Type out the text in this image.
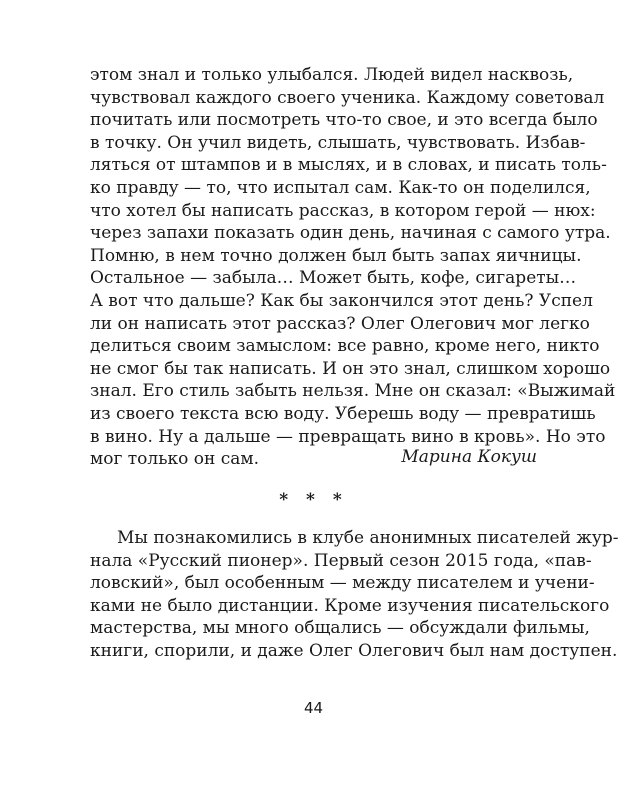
этом знал и только улыбался. Людей видел насквозь,
чувствовал каждого своего ученика. Каждому советовал
почитать или посмотреть что-то свое, и это всегда было
в точку. Он учил видеть, слышать, чувствовать. Избав-
ляться от штампов и в мыслях, и в словах, и писать толь-
ко правду — то, что испытал сам. Как-то он поделился,
что хотел бы написать рассказ, в котором герой — нюх:
через запахи показать один день, начиная с самого утра.
Помню, в нем точно должен был быть запах яичницы.
Остальное — забыла… Может быть, кофе, сигареты…
А вот что дальше? Как бы закончился этот день? Успел
ли он написать этот рассказ? Олег Олегович мог легко
делиться своим замыслом: все равно, кроме него, никто
не смог бы так написать. И он это знал, слишком хорошо
знал. Его стиль забыть нельзя. Мне он сказал: «Выжимай
из своего текста всю воду. Уберешь воду — превратишь
в вино. Ну а дальше — превращать вино в кровь». Но это
мог только он сам.	Марина Кокуш
* * *
Мы познакомились в клубе анонимных писателей жур-
нала «Русский пионер». Первый сезон 2015 года, «пав-
ловский», был особенным — между писателем и учени-
ками не было дистанции. Кроме изучения писательского
мастерства, мы много общались — обсуждали фильмы,
книги, спорили, и даже Олег Олегович был нам доступен.
44
